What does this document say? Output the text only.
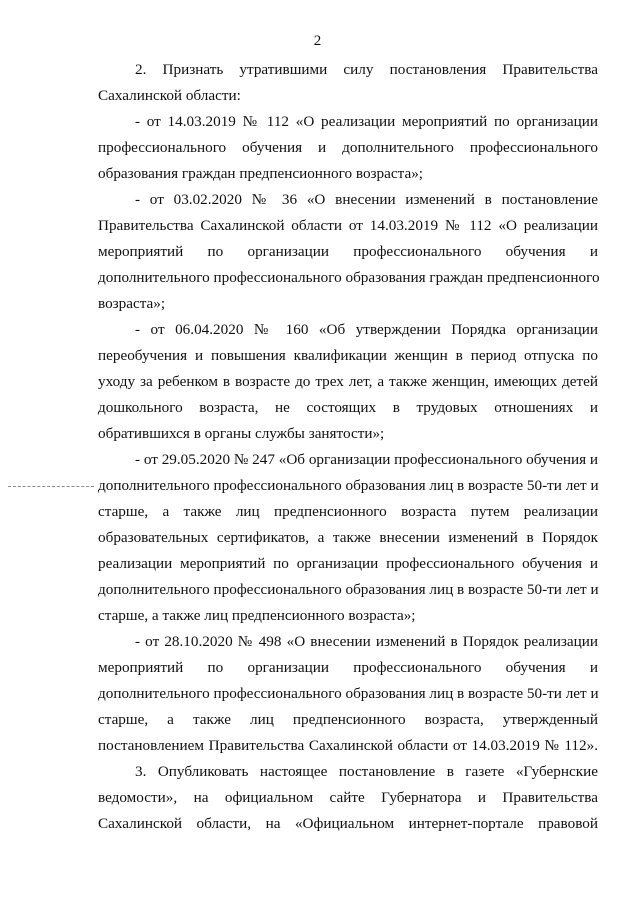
2
2. Признать утратившими силу постановления Правительства
Сахалинской области:
- от 14.03.2019 № 112 «О реализации мероприятий по организации
профессионального обучения и дополнительного профессионального
образования граждан предпенсионного возраста»;
- от 03.02.2020 № 36 «О внесении изменений в постановление
Правительства Сахалинской области от 14.03.2019 № 112 «О реализации
мероприятий по организации профессионального обучения и
дополнительного профессионального образования граждан предпенсионного
возраста»;
- от 06.04.2020 № 160 «Об утверждении Порядка организации
переобучения и повышения квалификации женщин в период отпуска по
уходу за ребенком в возрасте до трех лет, а также женщин, имеющих детей
дошкольного возраста, не состоящих в трудовых отношениях и
обратившихся в органы службы занятости»;
- от 29.05.2020 № 247 «Об организации профессионального обучения и
дополнительного профессионального образования лиц в возрасте 50-ти лет и
старше, а также лиц предпенсионного возраста путем реализации
образовательных сертификатов, а также внесении изменений в Порядок
реализации мероприятий по организации профессионального обучения и
дополнительного профессионального образования лиц в возрасте 50-ти лет и
старше, а также лиц предпенсионного возраста»;
- от 28.10.2020 № 498 «О внесении изменений в Порядок реализации
мероприятий по организации профессионального обучения и
дополнительного профессионального образования лиц в возрасте 50-ти лет и
старше, а также лиц предпенсионного возраста, утвержденный
постановлением Правительства Сахалинской области от 14.03.2019 № 112».
3. Опубликовать настоящее постановление в газете «Губернские
ведомости», на официальном сайте Губернатора и Правительства
Сахалинской области, на «Официальном интернет-портале правовой
